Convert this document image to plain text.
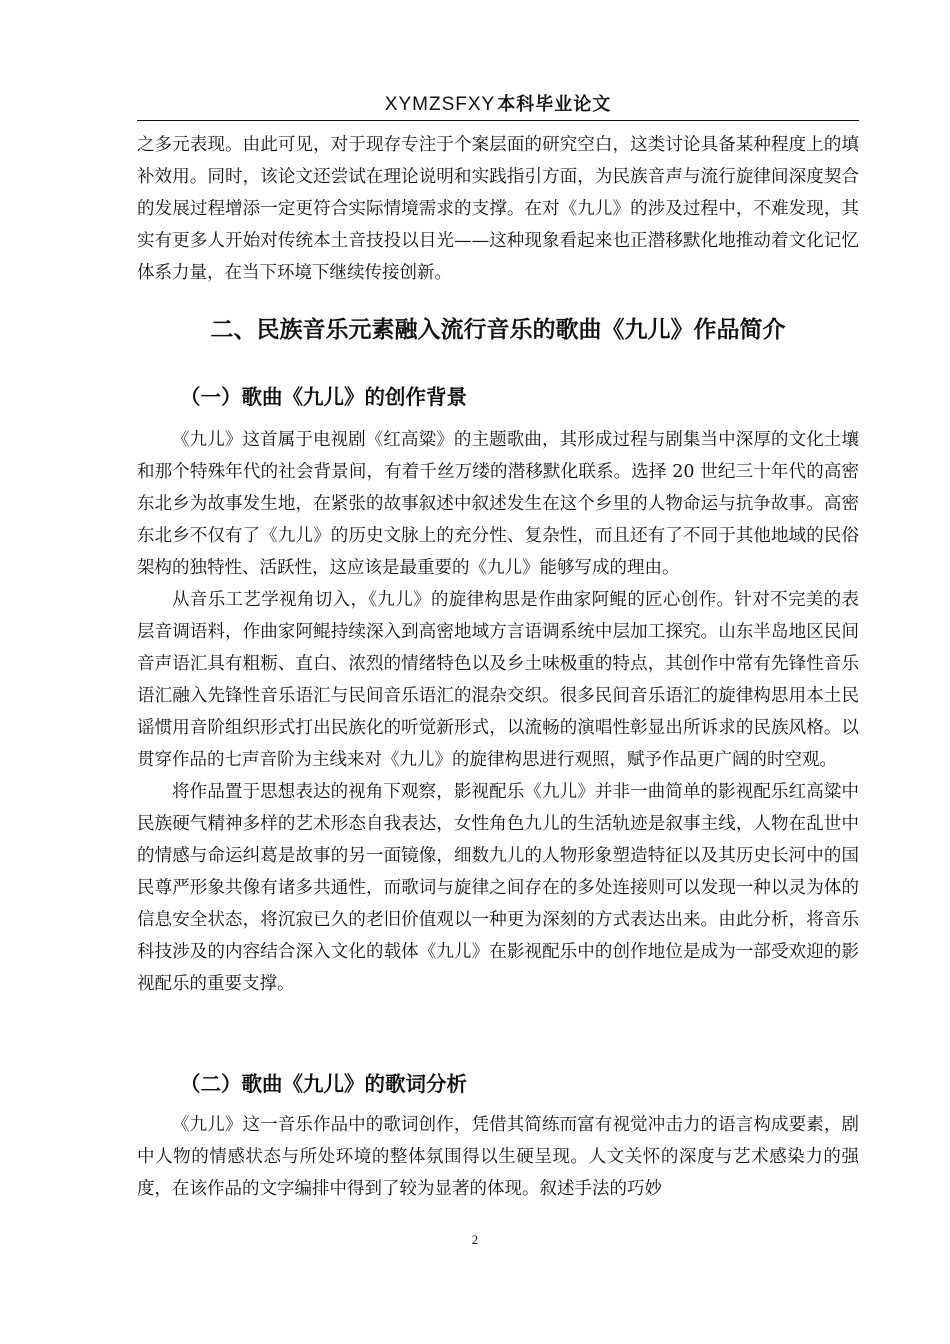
XYMZSFXY 本科毕业论文

之多元表现。由此可见，对于现存专注于个案层面的研究空白，这类讨论具备某种程度上的填补效用。同时，该论文还尝试在理论说明和实践指引方面，为民族音声与流行旋律间深度契合的发展过程增添一定更符合实际情境需求的支撑。在对《九儿》的涉及过程中，不难发现，其实有更多人开始对传统本土音技投以目光——这种现象看起来也正潜移默化地推动着文化记忆体系力量，在当下环境下继续传接创新。

二、民族音乐元素融入流行音乐的歌曲《九儿》作品简介
（一）歌曲《九儿》的创作背景

《九儿》这首属于电视剧《红高粱》的主题歌曲，其形成过程与剧集当中深厚的文化土壤和那个特殊年代的社会背景间，有着千丝万缕的潜移默化联系。选择 20 世纪三十年代的高密东北乡为故事发生地，在紧张的故事叙述中叙述发生在这个乡里的人物命运与抗争故事。高密东北乡不仅有了《九儿》的历史文脉上的充分性、复杂性，而且还有了不同于其他地域的民俗架构的独特性、活跃性，这应该是最重要的《九儿》能够写成的理由。

从音乐工艺学视角切入，《九儿》的旋律构思是作曲家阿鲲的匠心创作。针对不完美的表层音调语料，作曲家阿鲲持续深入到高密地域方言语调系统中层加工探究。山东半岛地区民间音声语汇具有粗粝、直白、浓烈的情绪特色以及乡土味极重的特点，其创作中常有先锋性音乐语汇融入先锋性音乐语汇与民间音乐语汇的混杂交织。很多民间音乐语汇的旋律构思用本土民谣惯用音阶组织形式打出民族化的听觉新形式，以流畅的演唱性彰显出所诉求的民族风格。以贯穿作品的七声音阶为主线来对《九儿》的旋律构思进行观照，赋予作品更广阔的时空观。

将作品置于思想表达的视角下观察，影视配乐《九儿》并非一曲简单的影视配乐红高粱中民族硬气精神多样的艺术形态自我表达，女性角色九儿的生活轨迹是叙事主线，人物在乱世中的情感与命运纠葛是故事的另一面镜像，细数九儿的人物形象塑造特征以及其历史长河中的国民尊严形象共像有诸多共通性，而歌词与旋律之间存在的多处连接则可以发现一种以灵为体的信息安全状态，将沉寂已久的老旧价值观以一种更为深刻的方式表达出来。由此分析，将音乐科技涉及的内容结合深入文化的载体《九儿》在影视配乐中的创作地位是成为一部受欢迎的影视配乐的重要支撑。

（二）歌曲《九儿》的歌词分析

《九儿》这一音乐作品中的歌词创作，凭借其简练而富有视觉冲击力的语言构成要素，剧中人物的情感状态与所处环境的整体氛围得以生硬呈现。人文关怀的深度与艺术感染力的强度，在该作品的文字编排中得到了较为显著的体现。叙述手法的巧妙

2
